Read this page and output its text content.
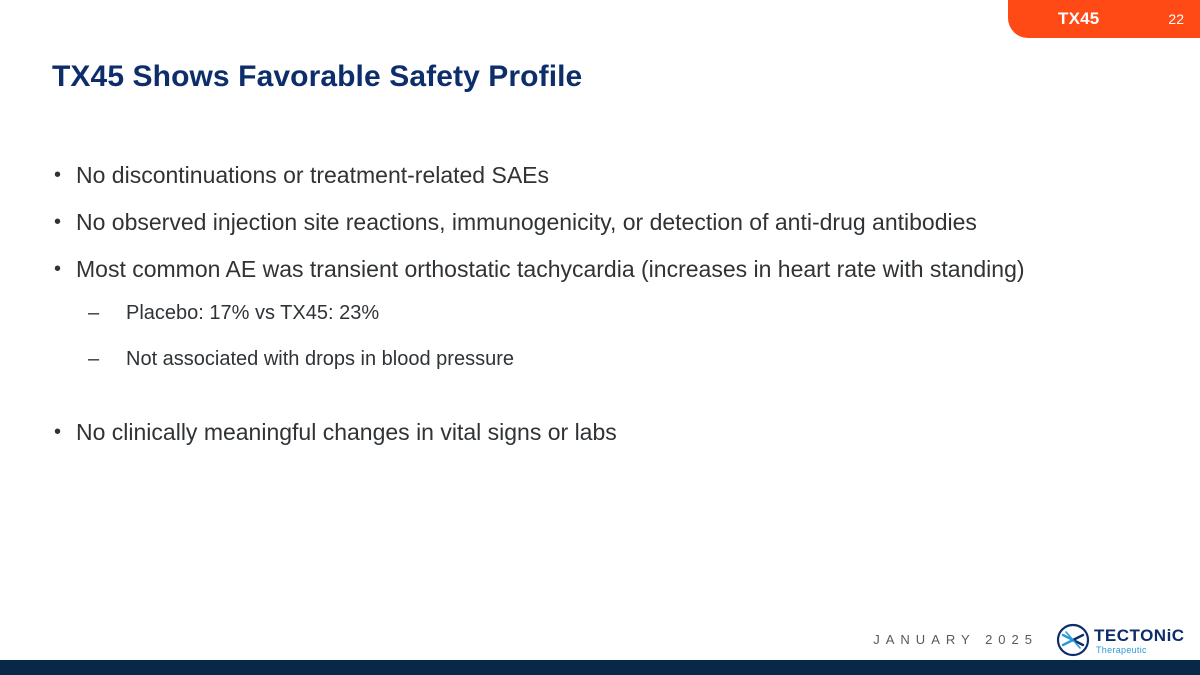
TX45	22
TX45 Shows Favorable Safety Profile
• No discontinuations or treatment-related SAEs
• No observed injection site reactions, immunogenicity, or detection of anti-drug antibodies
• Most common AE was transient orthostatic tachycardia (increases in heart rate with standing)
– Placebo: 17% vs TX45: 23%
– Not associated with drops in blood pressure
• No clinically meaningful changes in vital signs or labs
JANUARY 2025	TECTONiC
Therapeutic
